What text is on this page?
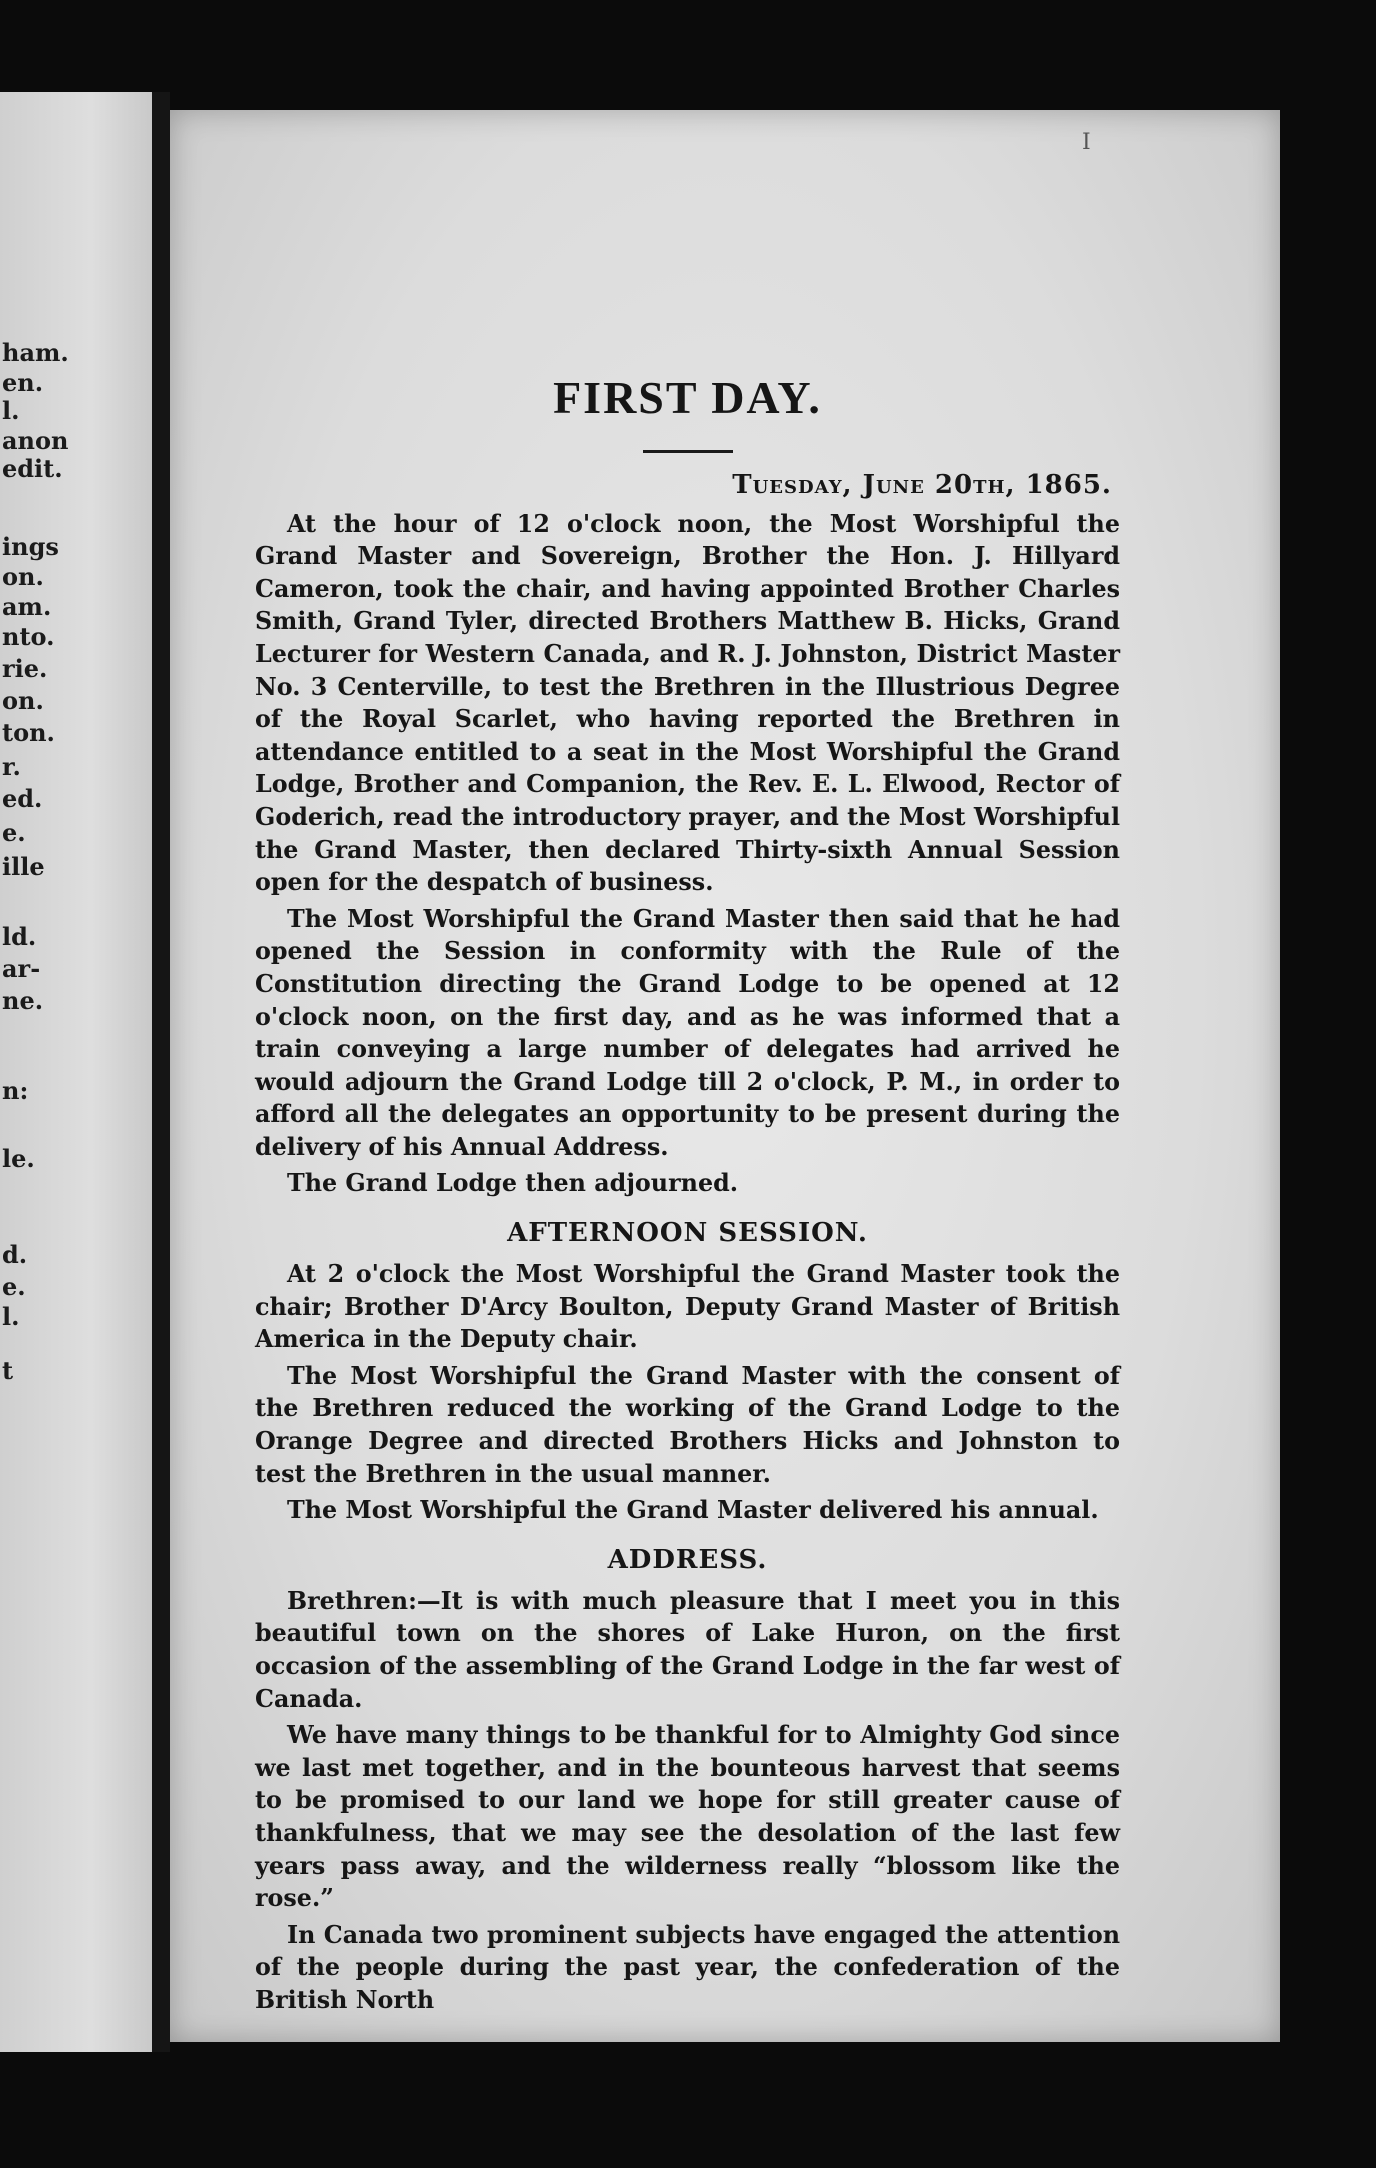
ham.
en.
l.
anon
edit.
ings
on.
am.
nto.
rie.
on.
ton.
r.
ed.
e.
ille
ld.
ar-
ne.
n:
le.
d.
e.
l.
t
I
FIRST DAY.
Tuesday, June 20th, 1865.

At the hour of 12 o'clock noon, the Most Worshipful the Grand Master and Sovereign, Brother the Hon. J. Hillyard Cameron, took the chair, and having appointed Brother Charles Smith, Grand Tyler, directed Brothers Matthew B. Hicks, Grand Lecturer for Western Canada, and R. J. Johnston, District Master No. 3 Centerville, to test the Brethren in the Illustrious Degree of the Royal Scarlet, who having reported the Brethren in attendance entitled to a seat in the Most Worshipful the Grand Lodge, Brother and Companion, the Rev. E. L. Elwood, Rector of Goderich, read the introductory prayer, and the Most Worshipful the Grand Master, then declared Thirty-sixth Annual Session open for the despatch of business.

The Most Worshipful the Grand Master then said that he had opened the Session in conformity with the Rule of the Constitution directing the Grand Lodge to be opened at 12 o'clock noon, on the first day, and as he was informed that a train conveying a large number of delegates had arrived he would adjourn the Grand Lodge till 2 o'clock, P. M., in order to afford all the delegates an opportunity to be present during the delivery of his Annual Address.

The Grand Lodge then adjourned.

AFTERNOON SESSION.

At 2 o'clock the Most Worshipful the Grand Master took the chair; Brother D'Arcy Boulton, Deputy Grand Master of British America in the Deputy chair.

The Most Worshipful the Grand Master with the consent of the Brethren reduced the working of the Grand Lodge to the Orange Degree and directed Brothers Hicks and Johnston to test the Brethren in the usual manner.

The Most Worshipful the Grand Master delivered his annual.

ADDRESS.

Brethren:—It is with much pleasure that I meet you in this beautiful town on the shores of Lake Huron, on the first occasion of the assembling of the Grand Lodge in the far west of Canada.

We have many things to be thankful for to Almighty God since we last met together, and in the bounteous harvest that seems to be promised to our land we hope for still greater cause of thankfulness, that we may see the desolation of the last few years pass away, and the wilderness really “blossom like the rose.”

In Canada two prominent subjects have engaged the attention of the people during the past year, the confederation of the British North
